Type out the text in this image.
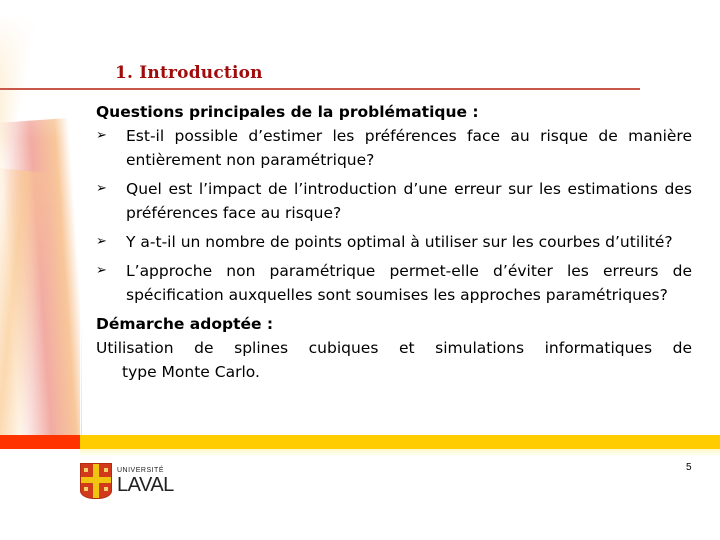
1. Introduction
Questions principales de la problématique :
➢ Est-il possible d’estimer les préférences face au risque de manière entièrement non paramétrique?
➢ Quel est l’impact de l’introduction d’une erreur sur les estimations des préférences face au risque?
➢ Y a-t-il un nombre de points optimal à utiliser sur les courbes d’utilité?
➢ L’approche non paramétrique permet-elle d’éviter les erreurs de spécification auxquelles sont soumises les approches paramétriques?
Démarche adoptée :
Utilisation de splines cubiques et simulations informatiques de
type Monte Carlo.
UNIVERSITÉ
LAVAL
5
